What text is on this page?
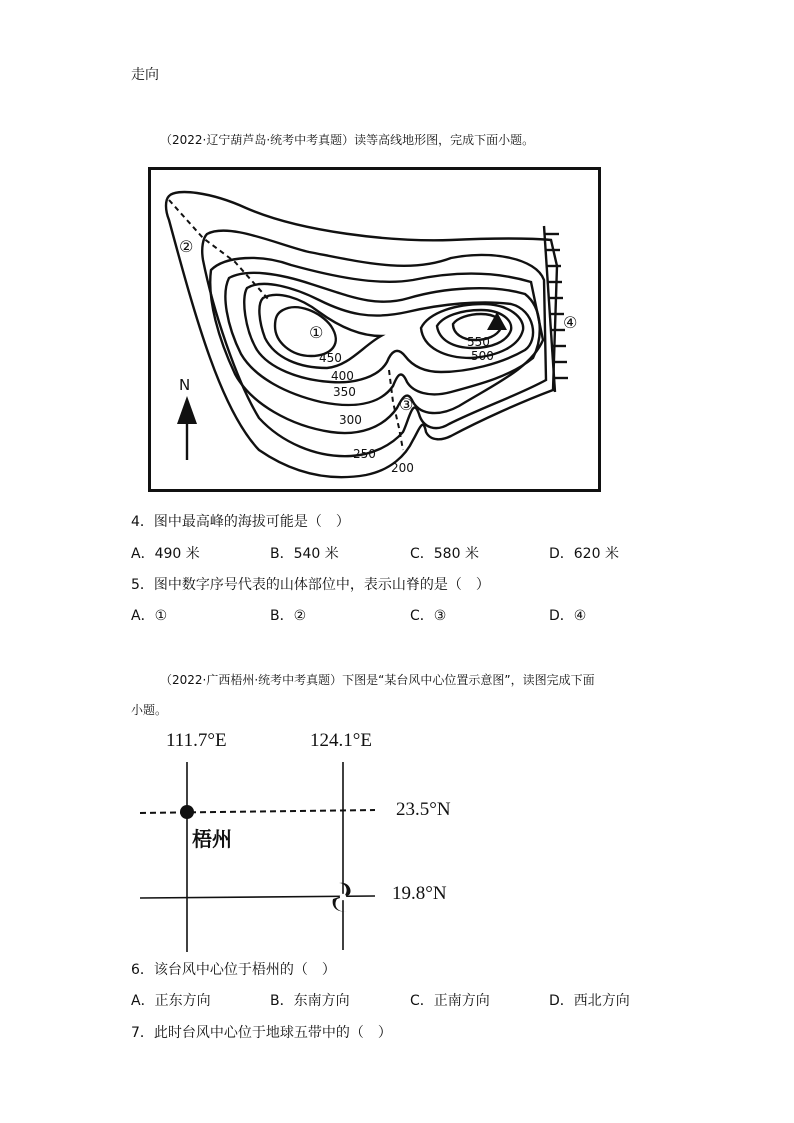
走向
（2022·辽宁葫芦岛·统考中考真题）读等高线地形图，完成下面小题。
N
450
400
350
300
250
200
550
500
①
②
③
④
4．图中最高峰的海拔可能是（　）
A．490 米	B．540 米	C．580 米	D．620 米
5．图中数字序号代表的山体部位中，表示山脊的是（　）
A．①	B．②	C．③	D．④
（2022·广西梧州·统考中考真题）下图是“某台风中心位置示意图”，读图完成下面
小题。
111.7°E	124.1°E
23.5°N
19.8°N
梧州
6．该台风中心位于梧州的（　）
A．正东方向	B．东南方向	C．正南方向	D．西北方向
7．此时台风中心位于地球五带中的（　）
